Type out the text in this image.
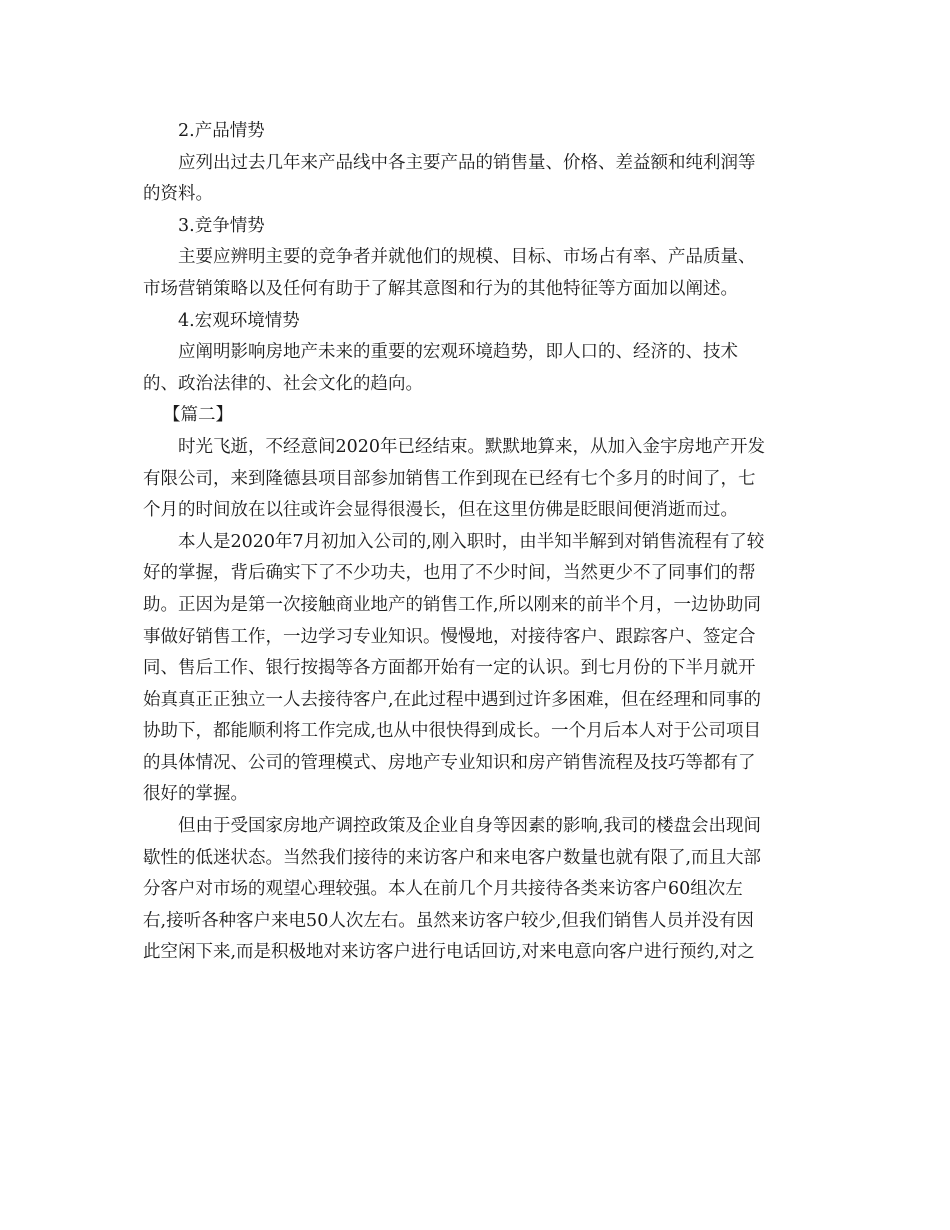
2.产品情势

应列出过去几年来产品线中各主要产品的销售量、价格、差益额和纯利润等
的资料。

3.竞争情势

主要应辨明主要的竞争者并就他们的规模、目标、市场占有率、产品质量、
市场营销策略以及任何有助于了解其意图和行为的其他特征等方面加以阐述。

4.宏观环境情势

应阐明影响房地产未来的重要的宏观环境趋势，即人口的、经济的、技术
的、政治法律的、社会文化的趋向。

【篇二】

时光飞逝，不经意间2020年已经结束。默默地算来，从加入金宇房地产开发
有限公司，来到隆德县项目部参加销售工作到现在已经有七个多月的时间了，七
个月的时间放在以往或许会显得很漫长，但在这里仿佛是眨眼间便消逝而过。

本人是2020年7月初加入公司的,刚入职时，由半知半解到对销售流程有了较
好的掌握，背后确实下了不少功夫，也用了不少时间，当然更少不了同事们的帮
助。正因为是第一次接触商业地产的销售工作,所以刚来的前半个月，一边协助同
事做好销售工作，一边学习专业知识。慢慢地，对接待客户、跟踪客户、签定合
同、售后工作、银行按揭等各方面都开始有一定的认识。到七月份的下半月就开
始真真正正独立一人去接待客户,在此过程中遇到过许多困难，但在经理和同事的
协助下，都能顺利将工作完成,也从中很快得到成长。一个月后本人对于公司项目
的具体情况、公司的管理模式、房地产专业知识和房产销售流程及技巧等都有了
很好的掌握。

但由于受国家房地产调控政策及企业自身等因素的影响,我司的楼盘会出现间
歇性的低迷状态。当然我们接待的来访客户和来电客户数量也就有限了,而且大部
分客户对市场的观望心理较强。本人在前几个月共接待各类来访客户60组次左
右,接听各种客户来电50人次左右。虽然来访客户较少,但我们销售人员并没有因
此空闲下来,而是积极地对来访客户进行电话回访,对来电意向客户进行预约,对之
